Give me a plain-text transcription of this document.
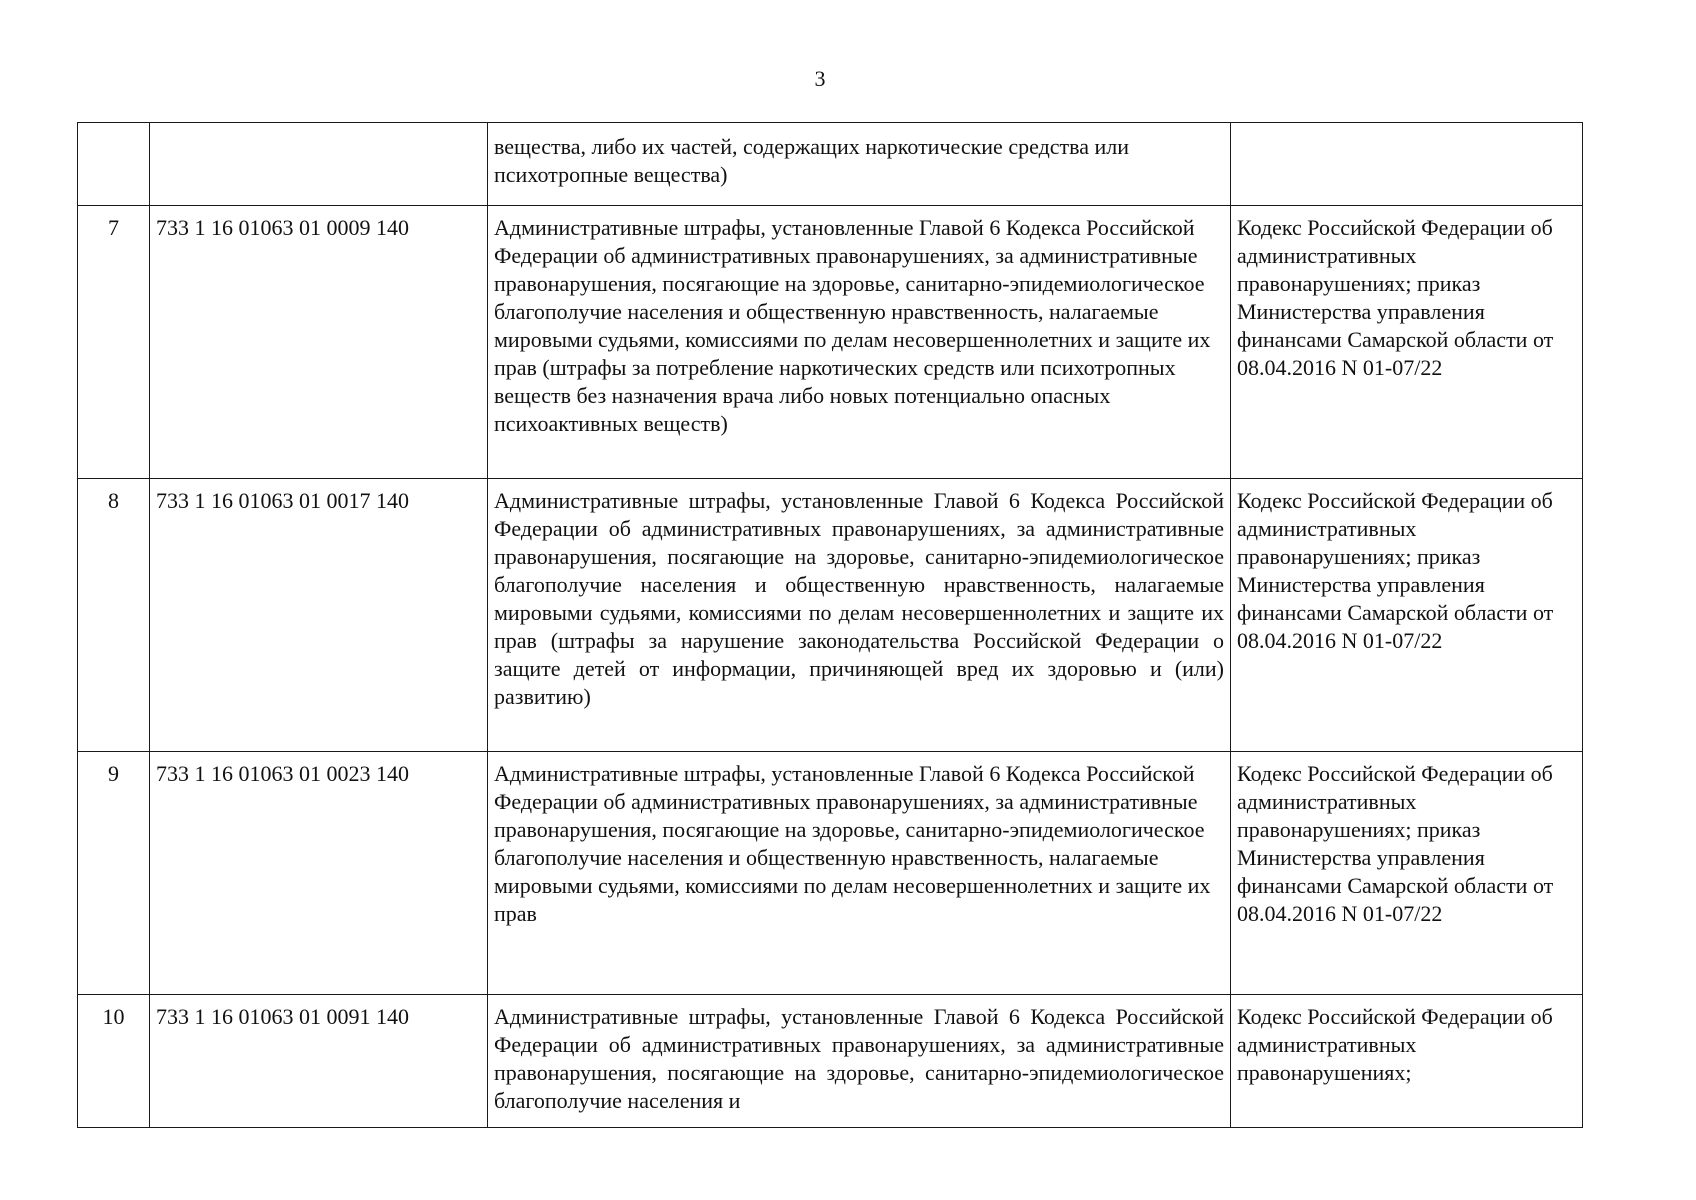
3
		вещества, либо их частей, содержащих наркотические средства или психотропные вещества)	
7	733 1 16 01063 01 0009 140	Административные штрафы, установленные Главой 6 Кодекса Российской Федерации об административных правонарушениях, за административные правонарушения, посягающие на здоровье, санитарно-эпидемиологическое благополучие населения и общественную нравственность, налагаемые мировыми судьями, комиссиями по делам несовершеннолетних и защите их прав (штрафы за потребление наркотических средств или психотропных веществ без назначения врача либо новых потенциально опасных психоактивных веществ)	Кодекс Российской Федерации об административных правонарушениях; приказ Министерства управления финансами Самарской области от 08.04.2016 N 01-07/22
8	733 1 16 01063 01 0017 140	Административные штрафы, установленные Главой 6 Кодекса Российской Федерации об административных правонарушениях, за административные правонарушения, посягающие на здоровье, санитарно-эпидемиологическое благополучие населения и общественную нравственность, налагаемые мировыми судьями, комиссиями по делам несовершеннолетних и защите их прав (штрафы за нарушение законодательства Российской Федерации о защите детей от информации, причиняющей вред их здоровью и (или) развитию)	Кодекс Российской Федерации об административных правонарушениях; приказ Министерства управления финансами Самарской области от 08.04.2016 N 01-07/22
9	733 1 16 01063 01 0023 140	Административные штрафы, установленные Главой 6 Кодекса Российской Федерации об административных правонарушениях, за административные правонарушения, посягающие на здоровье, санитарно-эпидемиологическое благополучие населения и общественную нравственность, налагаемые мировыми судьями, комиссиями по делам несовершеннолетних и защите их прав	Кодекс Российской Федерации об административных правонарушениях; приказ Министерства управления финансами Самарской области от 08.04.2016 N 01-07/22
10	733 1 16 01063 01 0091 140	Административные штрафы, установленные Главой 6 Кодекса Российской Федерации об административных правонарушениях, за административные правонарушения, посягающие на здоровье, санитарно-эпидемиологическое благополучие населения и	Кодекс Российской Федерации об административных правонарушениях;
